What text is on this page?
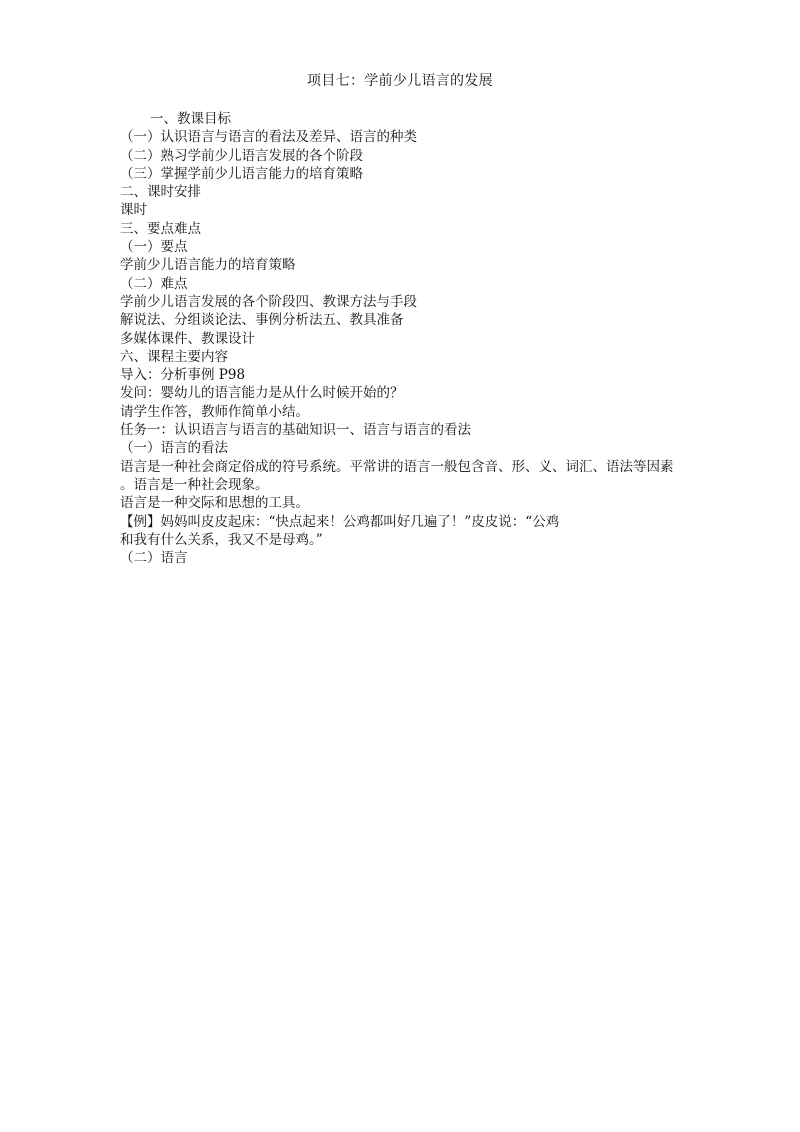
项目七：学前少儿语言的发展
一、教课目标
（一）认识语言与语言的看法及差异、语言的种类
（二）熟习学前少儿语言发展的各个阶段
（三）掌握学前少儿语言能力的培育策略
二、课时安排
课时
三、要点难点
（一）要点
学前少儿语言能力的培育策略
（二）难点
学前少儿语言发展的各个阶段四、教课方法与手段
解说法、分组谈论法、事例分析法五、教具准备
多媒体课件、教课设计
六、课程主要内容
导入：分析事例 P98
发问：婴幼儿的语言能力是从什么时候开始的？
请学生作答，教师作简单小结。
任务一：认识语言与语言的基础知识一、语言与语言的看法
（一）语言的看法
语言是一种社会商定俗成的符号系统。平常讲的语言一般包含音、形、义、词汇、语法等因素
。语言是一种社会现象。
语言是一种交际和思想的工具。
【例】妈妈叫皮皮起床：“快点起来！公鸡都叫好几遍了！”皮皮说：“公鸡
和我有什么关系，我又不是母鸡。”
（二）语言
